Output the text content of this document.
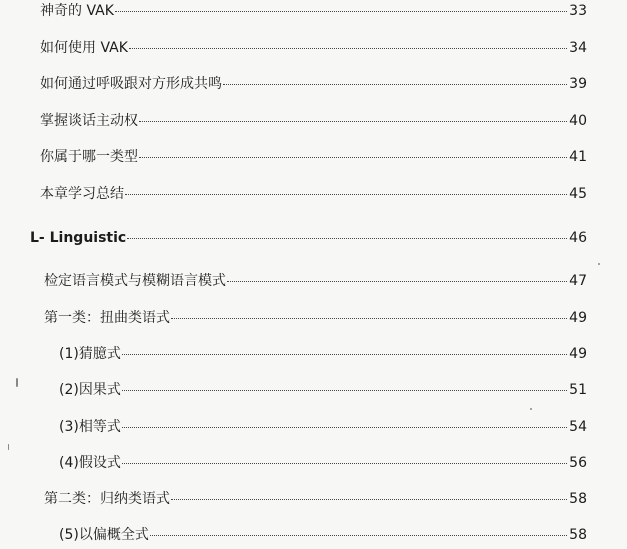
神奇的 VAK	33
如何使用 VAK	34
如何通过呼吸跟对方形成共鸣	39
掌握谈话主动权	40
你属于哪一类型	41
本章学习总结	45
L- Linguistic	46
检定语言模式与模糊语言模式	47
第一类：扭曲类语式	49
(1)猜臆式	49
(2)因果式	51
(3)相等式	54
(4)假设式	56
第二类：归纳类语式	58
(5)以偏概全式	58
